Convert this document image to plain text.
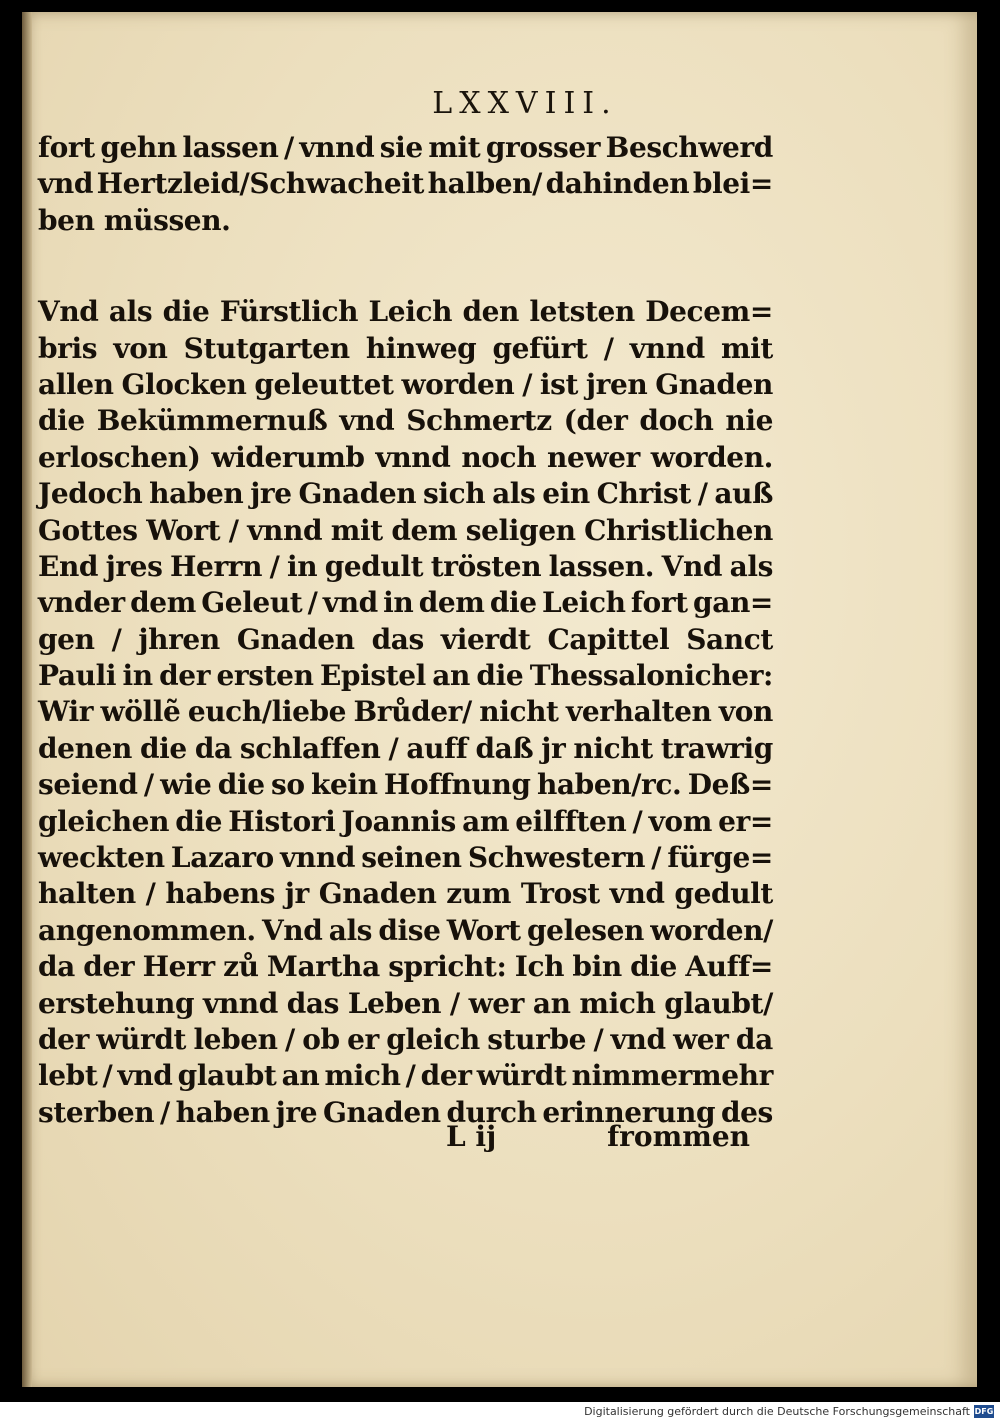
LXXVIII.
fort gehn lassen / vnnd sie mit grosser Beschwerd
vnd Hertzleid/Schwacheit halben/ dahinden blei=
ben müssen.
Vnd als die Fürstlich Leich den letsten Decem=
bris von Stutgarten hinweg gefürt / vnnd mit
allen Glocken geleuttet worden / ist jren Gnaden
die Bekümmernuß vnd Schmertz (der doch nie
erloschen) widerumb vnnd noch newer worden.
Jedoch haben jre Gnaden sich als ein Christ / auß
Gottes Wort / vnnd mit dem seligen Christlichen
End jres Herrn / in gedult trösten lassen. Vnd als
vnder dem Geleut / vnd in dem die Leich fort gan=
gen / jhren Gnaden das vierdt Capittel Sanct
Pauli in der ersten Epistel an die Thessalonicher:
Wir wöllẽ euch/liebe Brůder/ nicht verhalten von
denen die da schlaffen / auff daß jr nicht trawrig
seiend / wie die so kein Hoffnung haben/rc. Deß=
gleichen die Histori Joannis am eilfften / vom er=
weckten Lazaro vnnd seinen Schwestern / fürge=
halten / habens jr Gnaden zum Trost vnd gedult
angenommen. Vnd als dise Wort gelesen worden/
da der Herr zů Martha spricht: Ich bin die Auff=
erstehung vnnd das Leben / wer an mich glaubt/
der würdt leben / ob er gleich sturbe / vnd wer da
lebt / vnd glaubt an mich / der würdt nimmermehr
sterben / haben jre Gnaden durch erinnerung des
L ij	frommen
Digitalisierung gefördert durch die Deutsche Forschungsgemeinschaft DFG
